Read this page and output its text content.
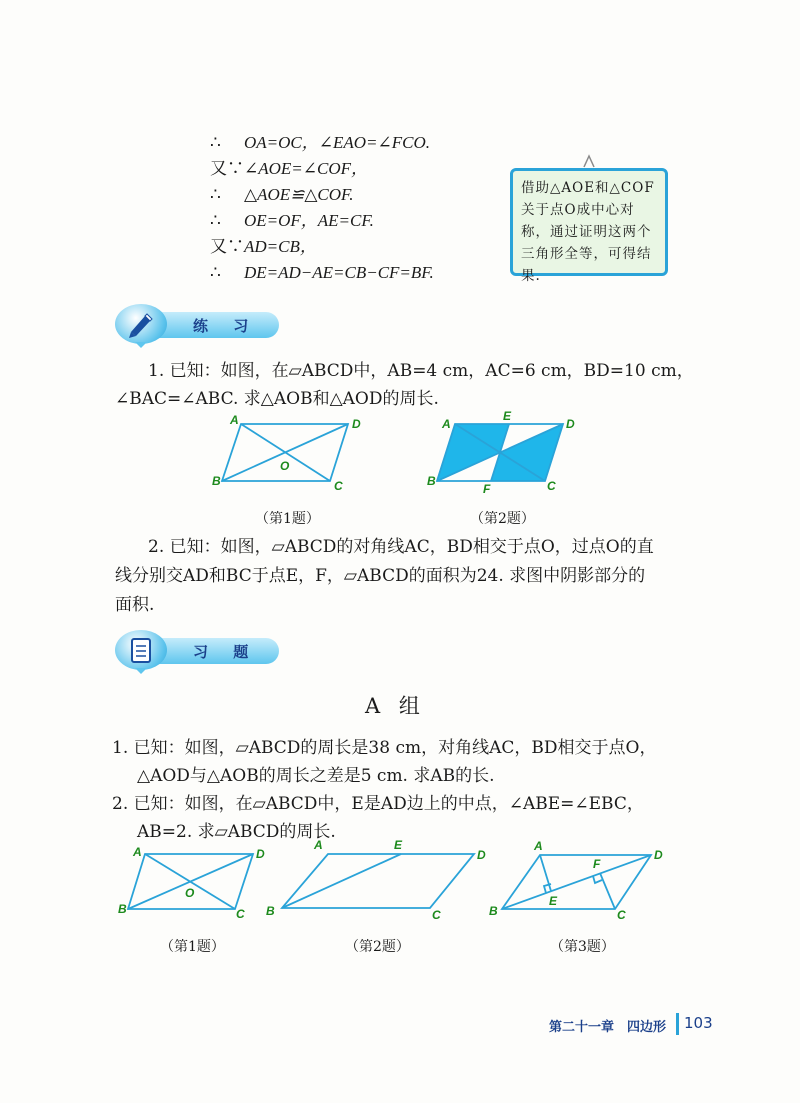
∴ OA=OC，∠EAO=∠FCO.
又∵∠AOE=∠COF，
∴ △AOE≌△COF.
∴ OE=OF，AE=CF.
又∵AD=CB，
∴ DE=AD−AE=CB−CF=BF.
借助△AOE和△COF关于点O成中心对称，通过证明这两个三角形全等，可得结果.
练 习
1. 已知：如图，在▱ABCD中，AB=4 cm，AC=6 cm，BD=10 cm，
∠BAC=∠ABC. 求△AOB和△AOD的周长.
A	D
B	C
O
（第1题）
A
E
D
B
F	C
（第2题）
2. 已知：如图，▱ABCD的对角线AC，BD相交于点O，过点O的直
线分别交AD和BC于点E，F，▱ABCD的面积为24. 求图中阴影部分的
面积.
习 题
A 组
1. 已知：如图，▱ABCD的周长是38 cm，对角线AC，BD相交于点O，
△AOD与△AOB的周长之差是5 cm. 求AB的长.
2. 已知：如图，在▱ABCD中，E是AD边上的中点，∠ABE=∠EBC，
AB=2. 求▱ABCD的周长.
A	D
B	C
O
（第1题）
A	E
D
B	C
（第2题）
A
F
D
B
E
C
（第3题）
第二十一章 四边形 103
